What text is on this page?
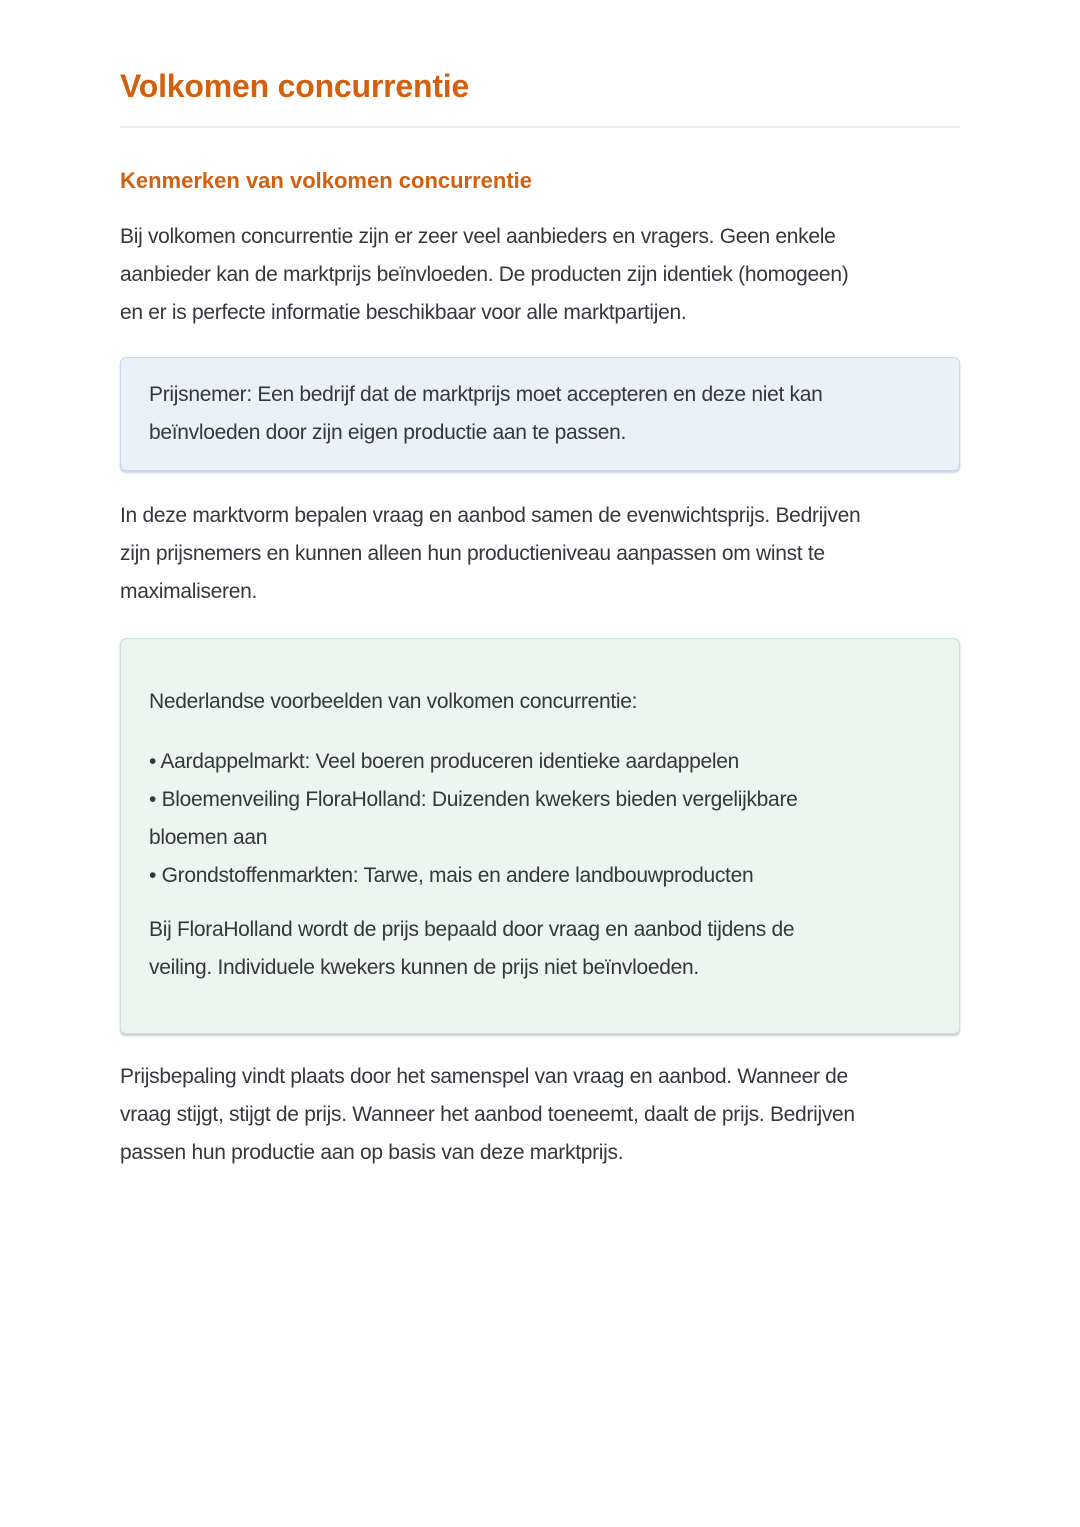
Volkomen concurrentie
Kenmerken van volkomen concurrentie
Bij volkomen concurrentie zijn er zeer veel aanbieders en vragers. Geen enkele
aanbieder kan de marktprijs beïnvloeden. De producten zijn identiek (homogeen)
en er is perfecte informatie beschikbaar voor alle marktpartijen.
Prijsnemer: Een bedrijf dat de marktprijs moet accepteren en deze niet kan
beïnvloeden door zijn eigen productie aan te passen.
In deze marktvorm bepalen vraag en aanbod samen de evenwichtsprijs. Bedrijven
zijn prijsnemers en kunnen alleen hun productieniveau aanpassen om winst te
maximaliseren.
Nederlandse voorbeelden van volkomen concurrentie:
• Aardappelmarkt: Veel boeren produceren identieke aardappelen
• Bloemenveiling FloraHolland: Duizenden kwekers bieden vergelijkbare
bloemen aan
• Grondstoffenmarkten: Tarwe, mais en andere landbouwproducten
Bij FloraHolland wordt de prijs bepaald door vraag en aanbod tijdens de
veiling. Individuele kwekers kunnen de prijs niet beïnvloeden.
Prijsbepaling vindt plaats door het samenspel van vraag en aanbod. Wanneer de
vraag stijgt, stijgt de prijs. Wanneer het aanbod toeneemt, daalt de prijs. Bedrijven
passen hun productie aan op basis van deze marktprijs.
